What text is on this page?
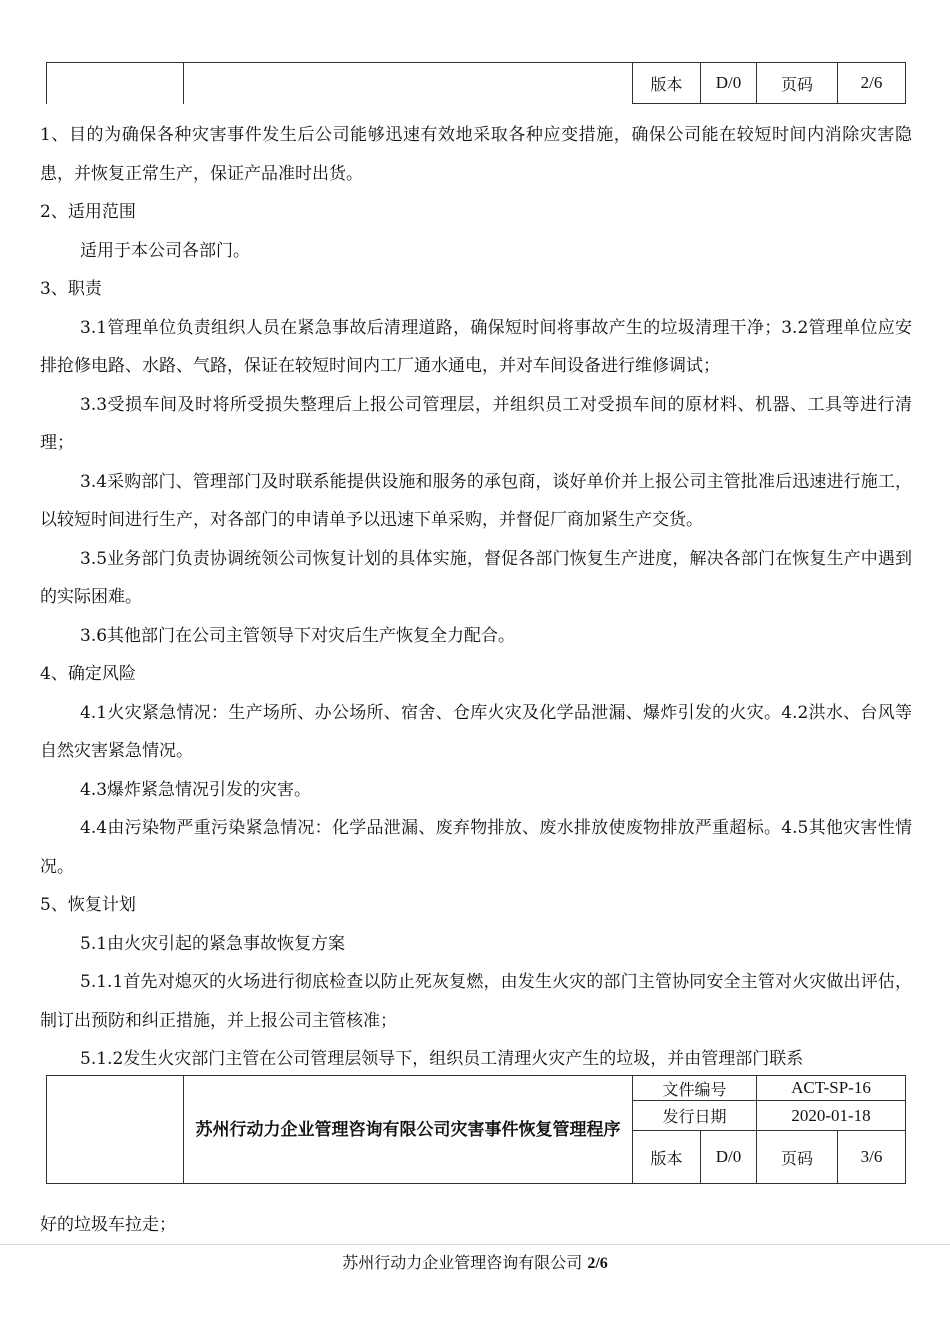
		版本	D/0	页码	2/6

1、目的为确保各种灾害事件发生后公司能够迅速有效地采取各种应变措施，确保公司能在较短时间内消除灾害隐患，并恢复正常生产，保证产品准时出货。

2、适用范围

适用于本公司各部门。

3、职责

3.1管理单位负责组织人员在紧急事故后清理道路，确保短时间将事故产生的垃圾清理干净；3.2管理单位应安排抢修电路、水路、气路，保证在较短时间内工厂通水通电，并对车间设备进行维修调试；

3.3受损车间及时将所受损失整理后上报公司管理层，并组织员工对受损车间的原材料、机器、工具等进行清理；

3.4采购部门、管理部门及时联系能提供设施和服务的承包商，谈好单价并上报公司主管批准后迅速进行施工，以较短时间进行生产，对各部门的申请单予以迅速下单采购，并督促厂商加紧生产交货。

3.5业务部门负责协调统领公司恢复计划的具体实施，督促各部门恢复生产进度，解决各部门在恢复生产中遇到的实际困难。

3.6其他部门在公司主管领导下对灾后生产恢复全力配合。

4、确定风险

4.1火灾紧急情况：生产场所、办公场所、宿舍、仓库火灾及化学品泄漏、爆炸引发的火灾。4.2洪水、台风等自然灾害紧急情况。

4.3爆炸紧急情况引发的灾害。

4.4由污染物严重污染紧急情况：化学品泄漏、废弃物排放、废水排放使废物排放严重超标。4.5其他灾害性情况。

5、恢复计划

5.1由火灾引起的紧急事故恢复方案

5.1.1首先对熄灭的火场进行彻底检查以防止死灰复燃，由发生火灾的部门主管协同安全主管对火灾做出评估，制订出预防和纠正措施，并上报公司主管核准；

5.1.2发生火灾部门主管在公司管理层领导下，组织员工清理火灾产生的垃圾，并由管理部门联系

	苏州行动力企业管理咨询有限公司灾害事件恢复管理程序	文件编号		ACT-SP-16	
		发行日期		2020-01-18	
		版本	D/0	页码	3/6

好的垃圾车拉走；

苏州行动力企业管理咨询有限公司 2/6
